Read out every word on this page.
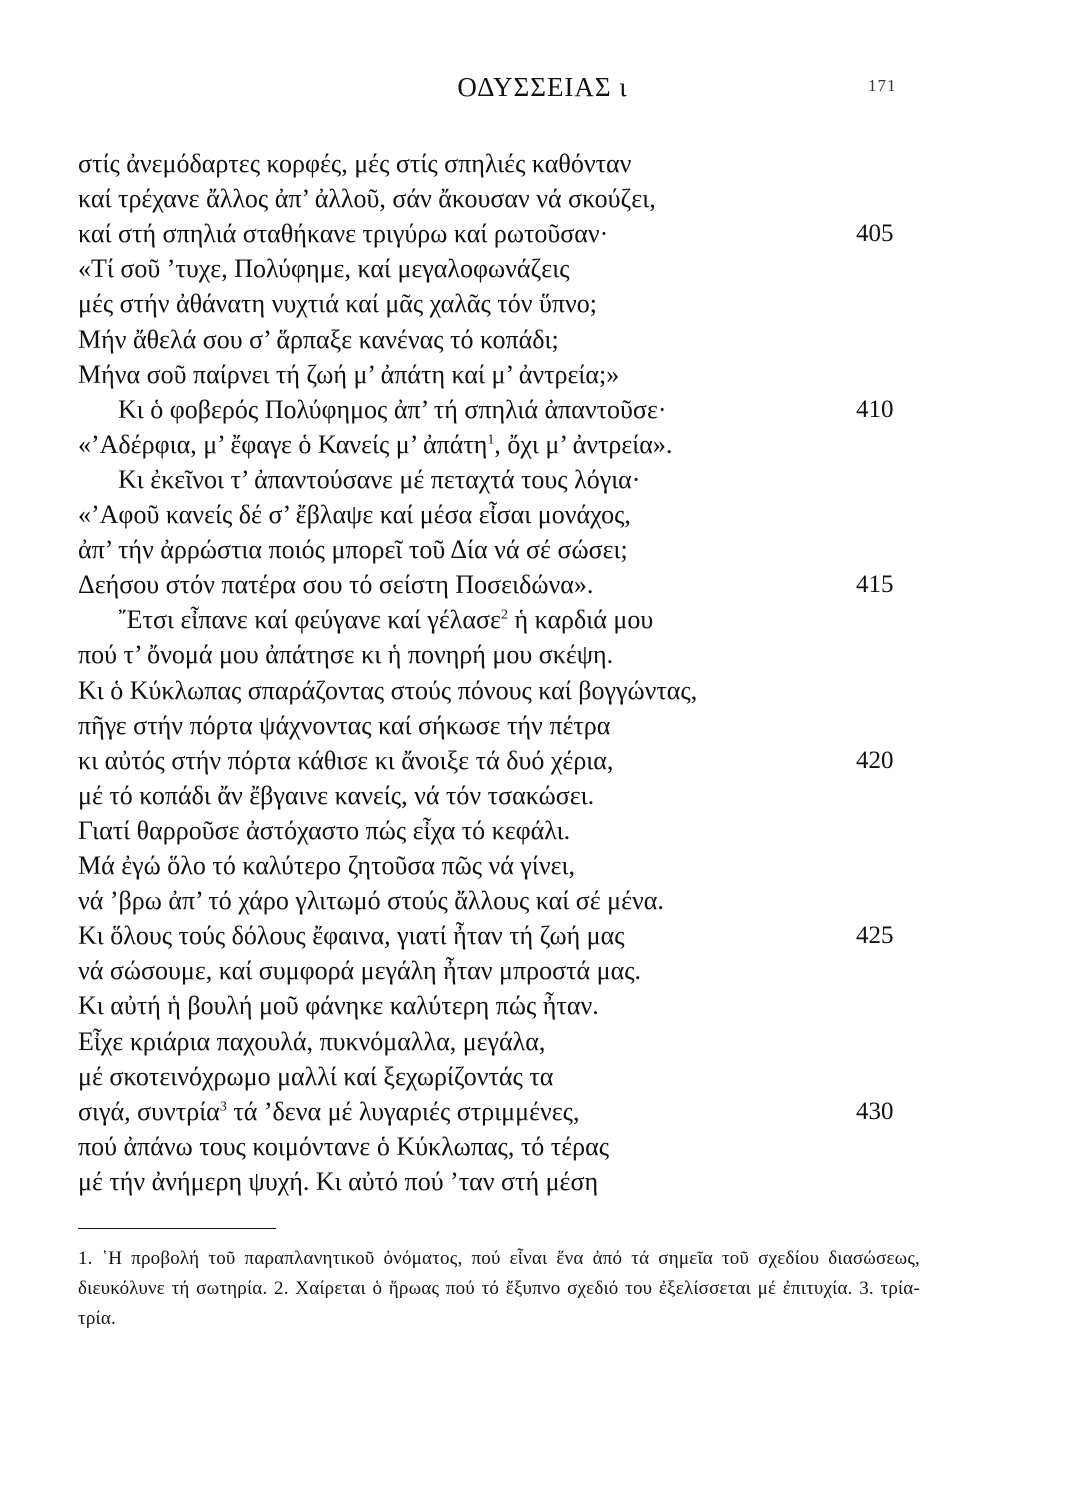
ΟΔΥΣΣΕΙΑΣ ι	171
στίς ἀνεμόδαρτες κορφές, μές στίς σπηλιές καθόνταν
καί τρέχανε ἄλλος ἀπ’ ἀλλοῦ, σάν ἄκουσαν νά σκούζει,
καί στή σπηλιά σταθήκανε τριγύρω καί ρωτοῦσαν·	405
«Τί σοῦ ’τυχε, Πολύφημε, καί μεγαλοφωνάζεις
μές στήν ἀθάνατη νυχτιά καί μᾶς χαλᾶς τόν ὕπνο;
Μήν ἄθελά σου σ’ ἅρπαξε κανένας τό κοπάδι;
Μήνα σοῦ παίρνει τή ζωή μ’ ἀπάτη καί μ’ ἀντρεία;»
Κι ὁ φοβερός Πολύφημος ἀπ’ τή σπηλιά ἀπαντοῦσε·	410
«’Αδέρφια, μ’ ἔφαγε ὁ Κανείς μ’ ἀπάτη$^1$, ὄχι μ’ ἀντρεία».
Κι ἐκεῖνοι τ’ ἀπαντούσανε μέ πεταχτά τους λόγια·
«’Αφοῦ κανείς δέ σ’ ἔβλαψε καί μέσα εἶσαι μονάχος,
ἀπ’ τήν ἀρρώστια ποιός μπορεῖ τοῦ Δία νά σέ σώσει;
Δεήσου στόν πατέρα σου τό σείστη Ποσειδώνα».	415
῎Ετσι εἶπανε καί φεύγανε καί γέλασε$^2$ ἡ καρδιά μου
πού τ’ ὄνομά μου ἀπάτησε κι ἡ πονηρή μου σκέψη.
Κι ὁ Κύκλωπας σπαράζοντας στούς πόνους καί βογγώντας,
πῆγε στήν πόρτα ψάχνοντας καί σήκωσε τήν πέτρα
κι αὐτός στήν πόρτα κάθισε κι ἄνοιξε τά δυό χέρια,	420
μέ τό κοπάδι ἄν ἔβγαινε κανείς, νά τόν τσακώσει.
Γιατί θαρροῦσε ἀστόχαστο πώς εἶχα τό κεφάλι.
Μά ἐγώ ὅλο τό καλύτερο ζητοῦσα πῶς νά γίνει,
νά ’βρω ἀπ’ τό χάρο γλιτωμό στούς ἄλλους καί σέ μένα.
Κι ὅλους τούς δόλους ἔφαινα, γιατί ἦταν τή ζωή μας	425
νά σώσουμε, καί συμφορά μεγάλη ἦταν μπροστά μας.
Κι αὐτή ἡ βουλή μοῦ φάνηκε καλύτερη πώς ἦταν.
Εἶχε κριάρια παχουλά, πυκνόμαλλα, μεγάλα,
μέ σκοτεινόχρωμο μαλλί καί ξεχωρίζοντάς τα
σιγά, συντρία$^3$ τά ’δενα μέ λυγαριές στριμμένες,	430
πού ἀπάνω τους κοιμόντανε ὁ Κύκλωπας, τό τέρας
μέ τήν ἀνήμερη ψυχή. Κι αὐτό πού ’ταν στή μέση
1. ῾Η προβολή τοῦ παραπλανητικοῦ ὀνόματος, πού εἶναι ἕνα ἀπό τά σημεῖα τοῦ σχεδίου διασώσεως, διευκόλυνε τή σωτηρία. 2. Χαίρεται ὁ ἥρωας πού τό ἔξυπνο σχεδιό του ἐξελίσσεται μέ ἐπιτυχία. 3. τρία-τρία.
